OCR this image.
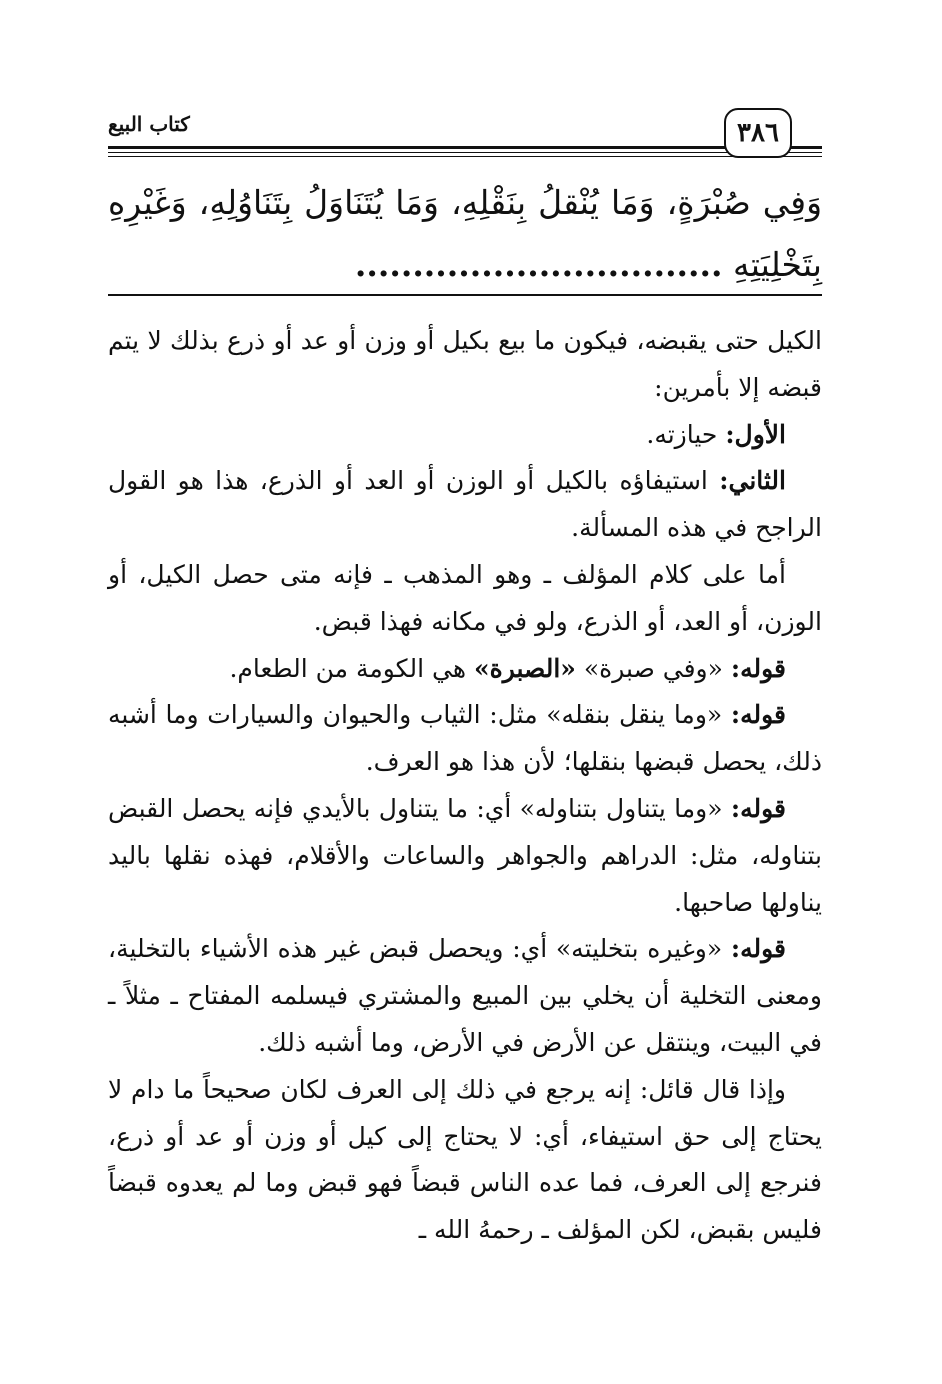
٣٨٦
كتاب البيع
وَفِي صُبْرَةٍ، وَمَا يُنْقلُ بِنَقْلِهِ، وَمَا يُتَنَاوَلُ بِتَنَاوُلِهِ، وَغَيْرِهِ بِتَخْلِيَتِهِ ................................

الكيل حتى يقبضه، فيكون ما بيع بكيل أو وزن أو عد أو ذرع بذلك لا يتم قبضه إلا بأمرين:

الأول: حيازته.

الثاني: استيفاؤه بالكيل أو الوزن أو العد أو الذرع، هذا هو القول الراجح في هذه المسألة.

أما على كلام المؤلف ـ وهو المذهب ـ فإنه متى حصل الكيل، أو الوزن، أو العد، أو الذرع، ولو في مكانه فهذا قبض.

قوله: «وفي صبرة» «الصبرة» هي الكومة من الطعام.

قوله: «وما ينقل بنقله» مثل: الثياب والحيوان والسيارات وما أشبه ذلك، يحصل قبضها بنقلها؛ لأن هذا هو العرف.

قوله: «وما يتناول بتناوله» أي: ما يتناول بالأيدي فإنه يحصل القبض بتناوله، مثل: الدراهم والجواهر والساعات والأقلام، فهذه نقلها باليد يناولها صاحبها.

قوله: «وغيره بتخليته» أي: ويحصل قبض غير هذه الأشياء بالتخلية، ومعنى التخلية أن يخلي بين المبيع والمشتري فيسلمه المفتاح ـ مثلاً ـ في البيت، وينتقل عن الأرض في الأرض، وما أشبه ذلك.

وإذا قال قائل: إنه يرجع في ذلك إلى العرف لكان صحيحاً ما دام لا يحتاج إلى حق استيفاء، أي: لا يحتاج إلى كيل أو وزن أو عد أو ذرع، فنرجع إلى العرف، فما عده الناس قبضاً فهو قبض وما لم يعدوه قبضاً فليس بقبض، لكن المؤلف ـ رحمهُ الله ـ
